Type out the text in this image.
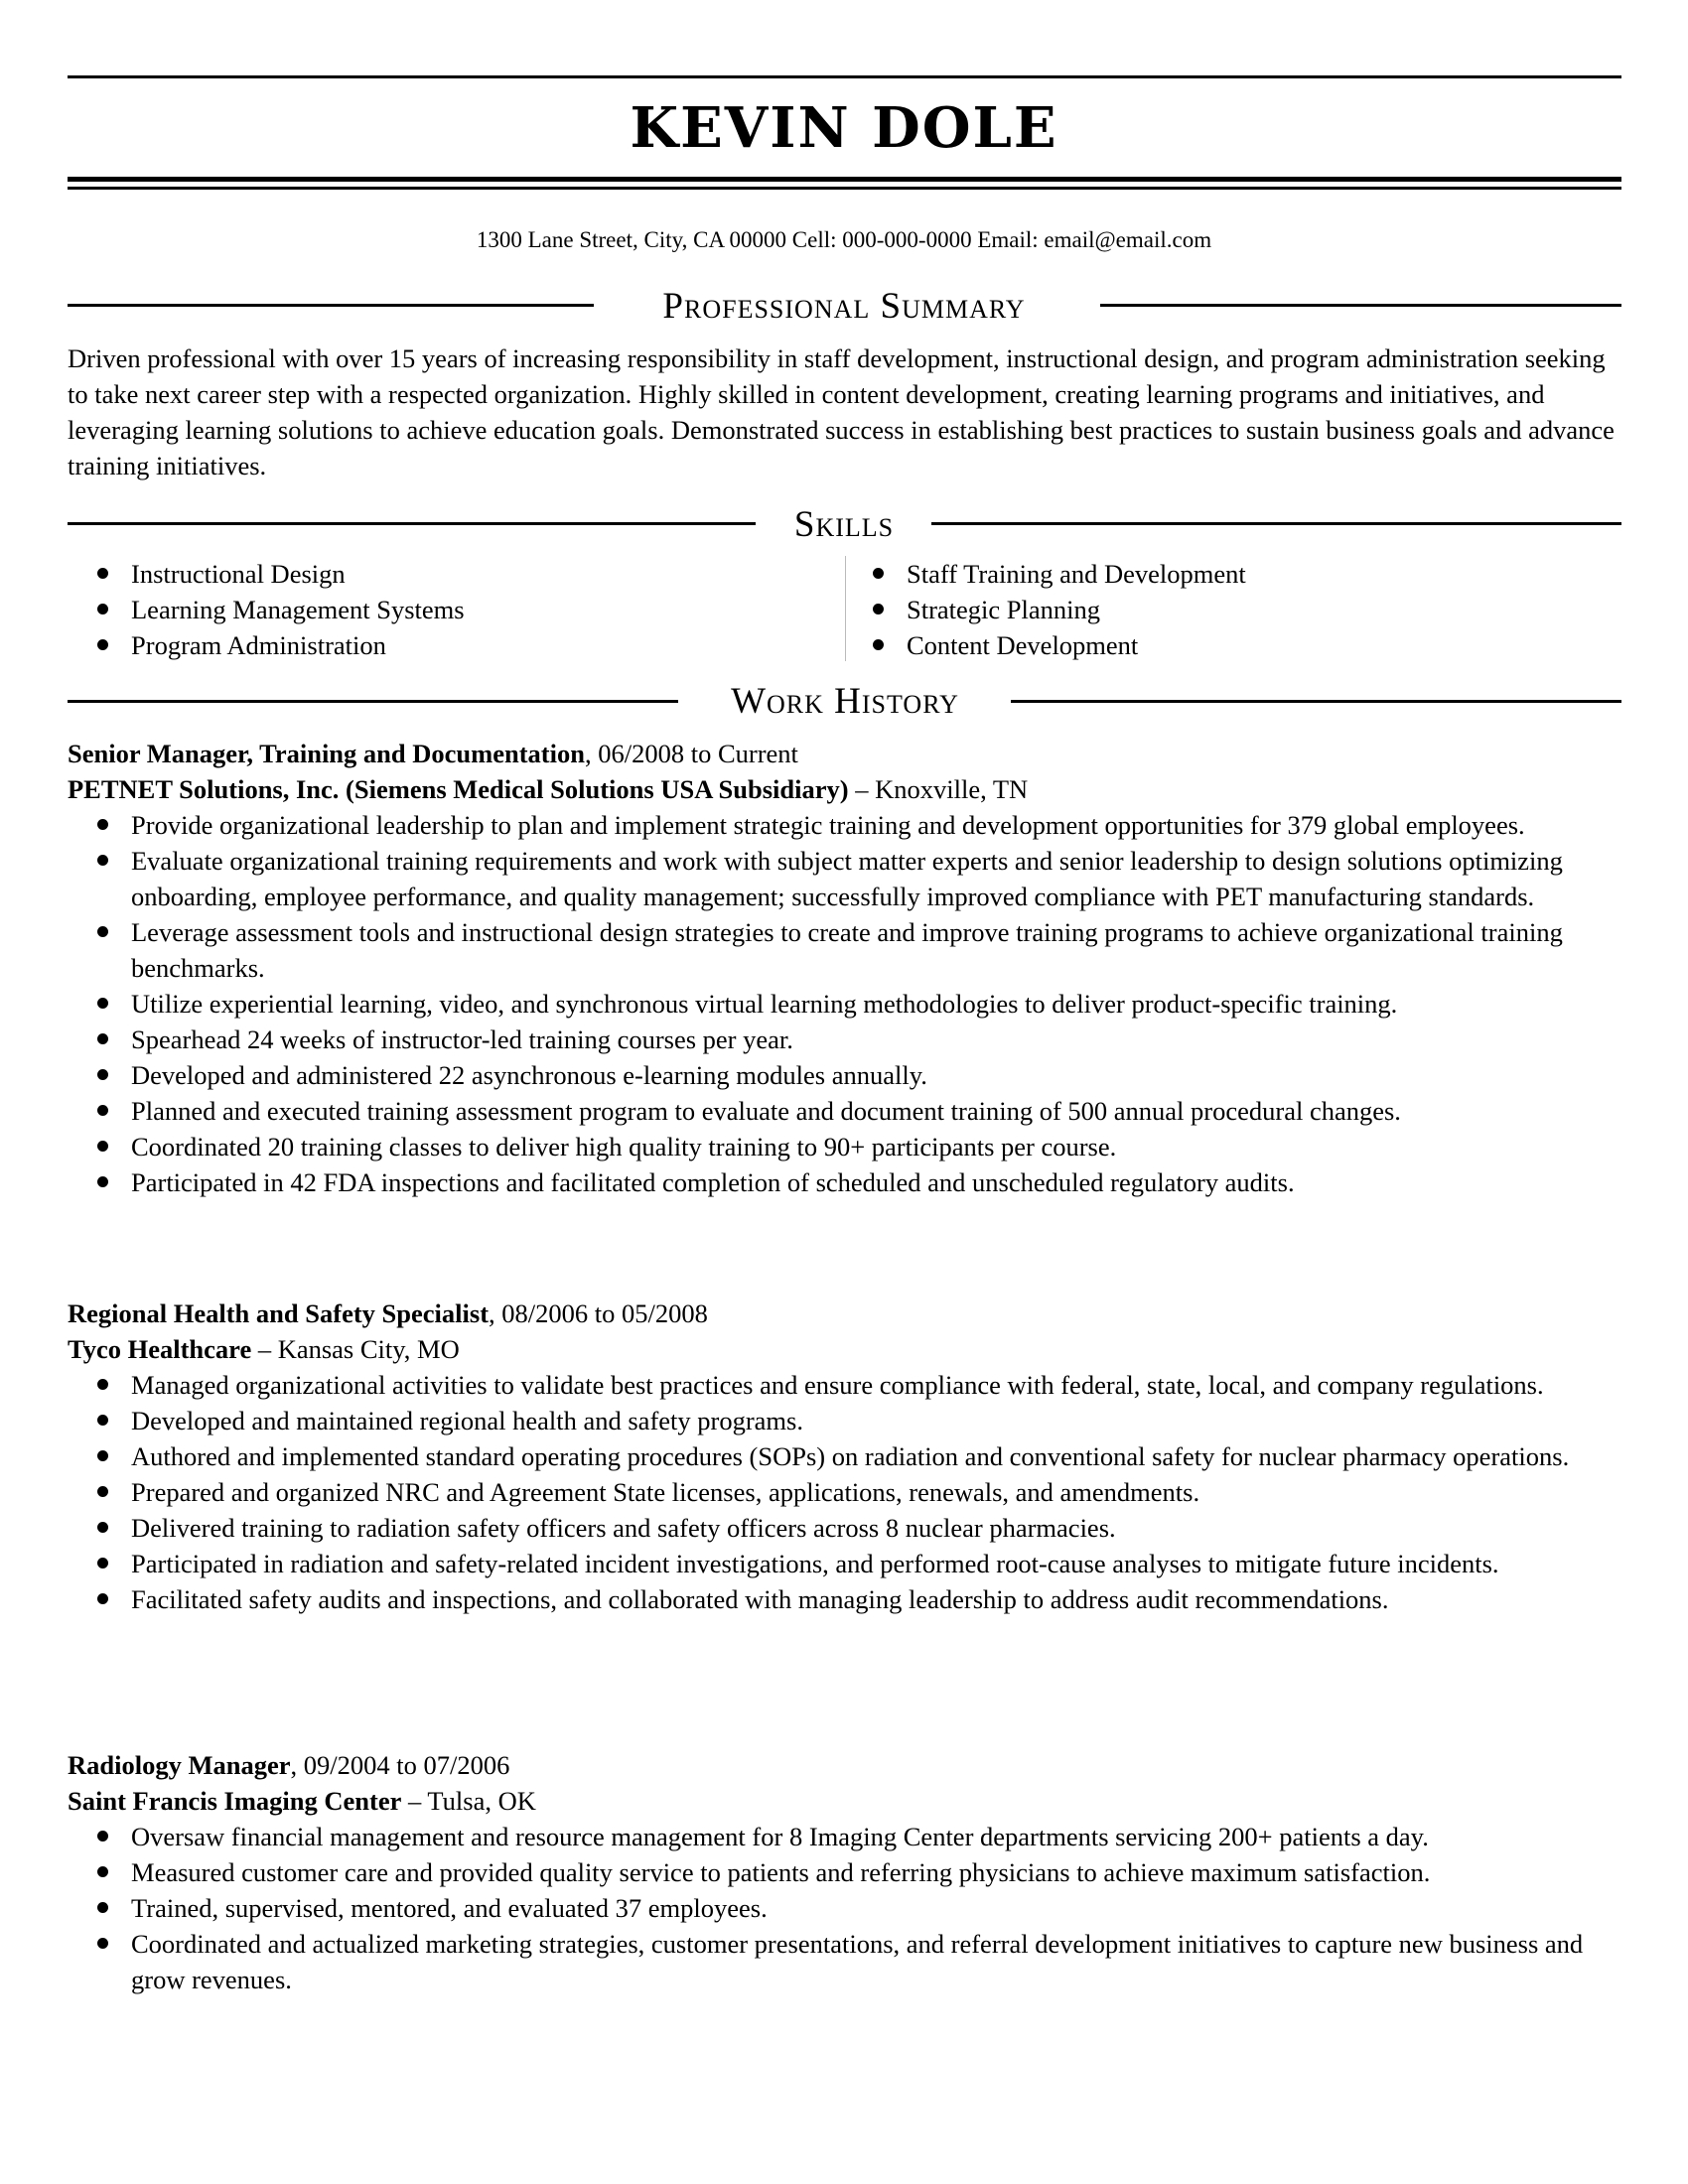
KEVIN DOLE
1300 Lane Street, City, CA 00000 Cell: 000-000-0000 Email: email@email.com
Professional Summary
Driven professional with over 15 years of increasing responsibility in staff development, instructional design, and program administration seeking to take next career step with a respected organization. Highly skilled in content development, creating learning programs and initiatives, and leveraging learning solutions to achieve education goals. Demonstrated success in establishing best practices to sustain business goals and advance training initiatives.
Skills
Instructional Design
Learning Management Systems
Program Administration
Staff Training and Development
Strategic Planning
Content Development
Work History
Senior Manager, Training and Documentation, 06/2008 to Current
PETNET Solutions, Inc. (Siemens Medical Solutions USA Subsidiary) – Knoxville, TN
Provide organizational leadership to plan and implement strategic training and development opportunities for 379 global employees.
Evaluate organizational training requirements and work with subject matter experts and senior leadership to design solutions optimizing onboarding, employee performance, and quality management; successfully improved compliance with PET manufacturing standards.
Leverage assessment tools and instructional design strategies to create and improve training programs to achieve organizational training benchmarks.
Utilize experiential learning, video, and synchronous virtual learning methodologies to deliver product-specific training.
Spearhead 24 weeks of instructor-led training courses per year.
Developed and administered 22 asynchronous e-learning modules annually.
Planned and executed training assessment program to evaluate and document training of 500 annual procedural changes.
Coordinated 20 training classes to deliver high quality training to 90+ participants per course.
Participated in 42 FDA inspections and facilitated completion of scheduled and unscheduled regulatory audits.
Regional Health and Safety Specialist, 08/2006 to 05/2008
Tyco Healthcare – Kansas City, MO
Managed organizational activities to validate best practices and ensure compliance with federal, state, local, and company regulations.
Developed and maintained regional health and safety programs.
Authored and implemented standard operating procedures (SOPs) on radiation and conventional safety for nuclear pharmacy operations.
Prepared and organized NRC and Agreement State licenses, applications, renewals, and amendments.
Delivered training to radiation safety officers and safety officers across 8 nuclear pharmacies.
Participated in radiation and safety-related incident investigations, and performed root-cause analyses to mitigate future incidents.
Facilitated safety audits and inspections, and collaborated with managing leadership to address audit recommendations.
Radiology Manager, 09/2004 to 07/2006
Saint Francis Imaging Center – Tulsa, OK
Oversaw financial management and resource management for 8 Imaging Center departments servicing 200+ patients a day.
Measured customer care and provided quality service to patients and referring physicians to achieve maximum satisfaction.
Trained, supervised, mentored, and evaluated 37 employees.
Coordinated and actualized marketing strategies, customer presentations, and referral development initiatives to capture new business and grow revenues.
